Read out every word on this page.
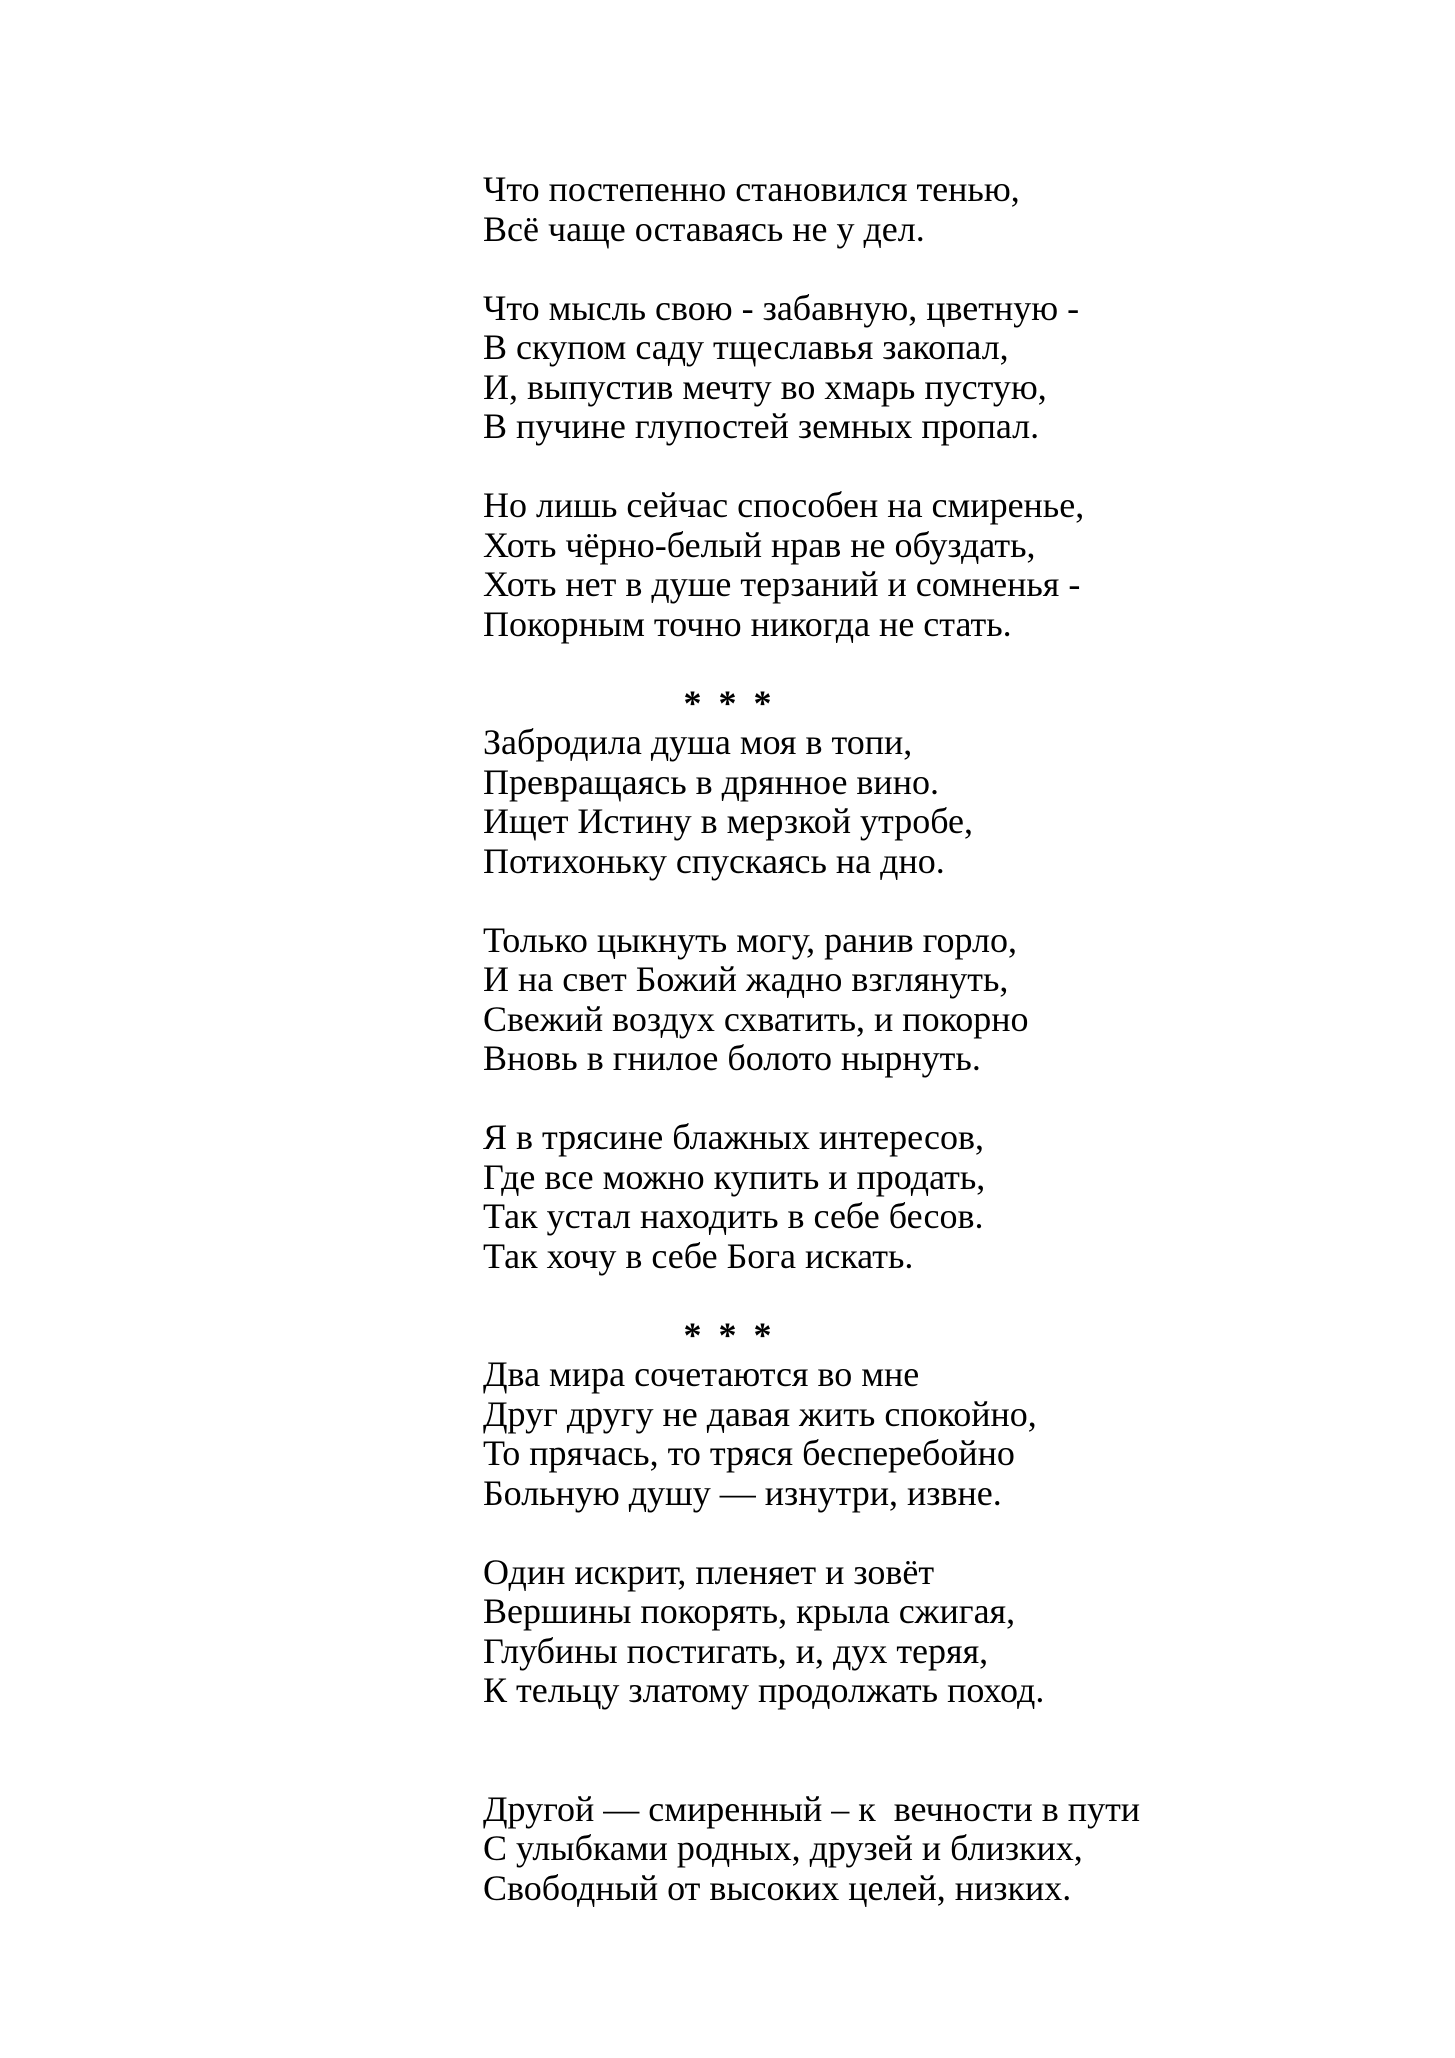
Что постепенно становился тенью,
Всё чаще оставаясь не у дел.
Что мысль свою - забавную, цветную -
В скупом саду тщеславья закопал,
И, выпустив мечту во хмарь пустую,
В пучине глупостей земных пропал.
Но лишь сейчас способен на смиренье,
Хоть чёрно-белый нрав не обуздать,
Хоть нет в душе терзаний и сомненья -
Покорным точно никогда не стать.
* * *
Забродила душа моя в топи,
Превращаясь в дрянное вино.
Ищет Истину в мерзкой утробе,
Потихоньку спускаясь на дно.
Только цыкнуть могу, ранив горло,
И на свет Божий жадно взглянуть,
Свежий воздух схватить, и покорно
Вновь в гнилое болото нырнуть.
Я в трясине блажных интересов,
Где все можно купить и продать,
Так устал находить в себе бесов.
Так хочу в себе Бога искать.
* * *
Два мира сочетаются во мне
Друг другу не давая жить спокойно,
То прячась, то тряся бесперебойно
Больную душу — изнутри, извне.
Один искрит, пленяет и зовёт
Вершины покорять, крыла сжигая,
Глубины постигать, и, дух теряя,
К тельцу златому продолжать поход.
Другой — смиренный – к  вечности в пути
С улыбками родных, друзей и близких,
Свободный от высоких целей, низких.
